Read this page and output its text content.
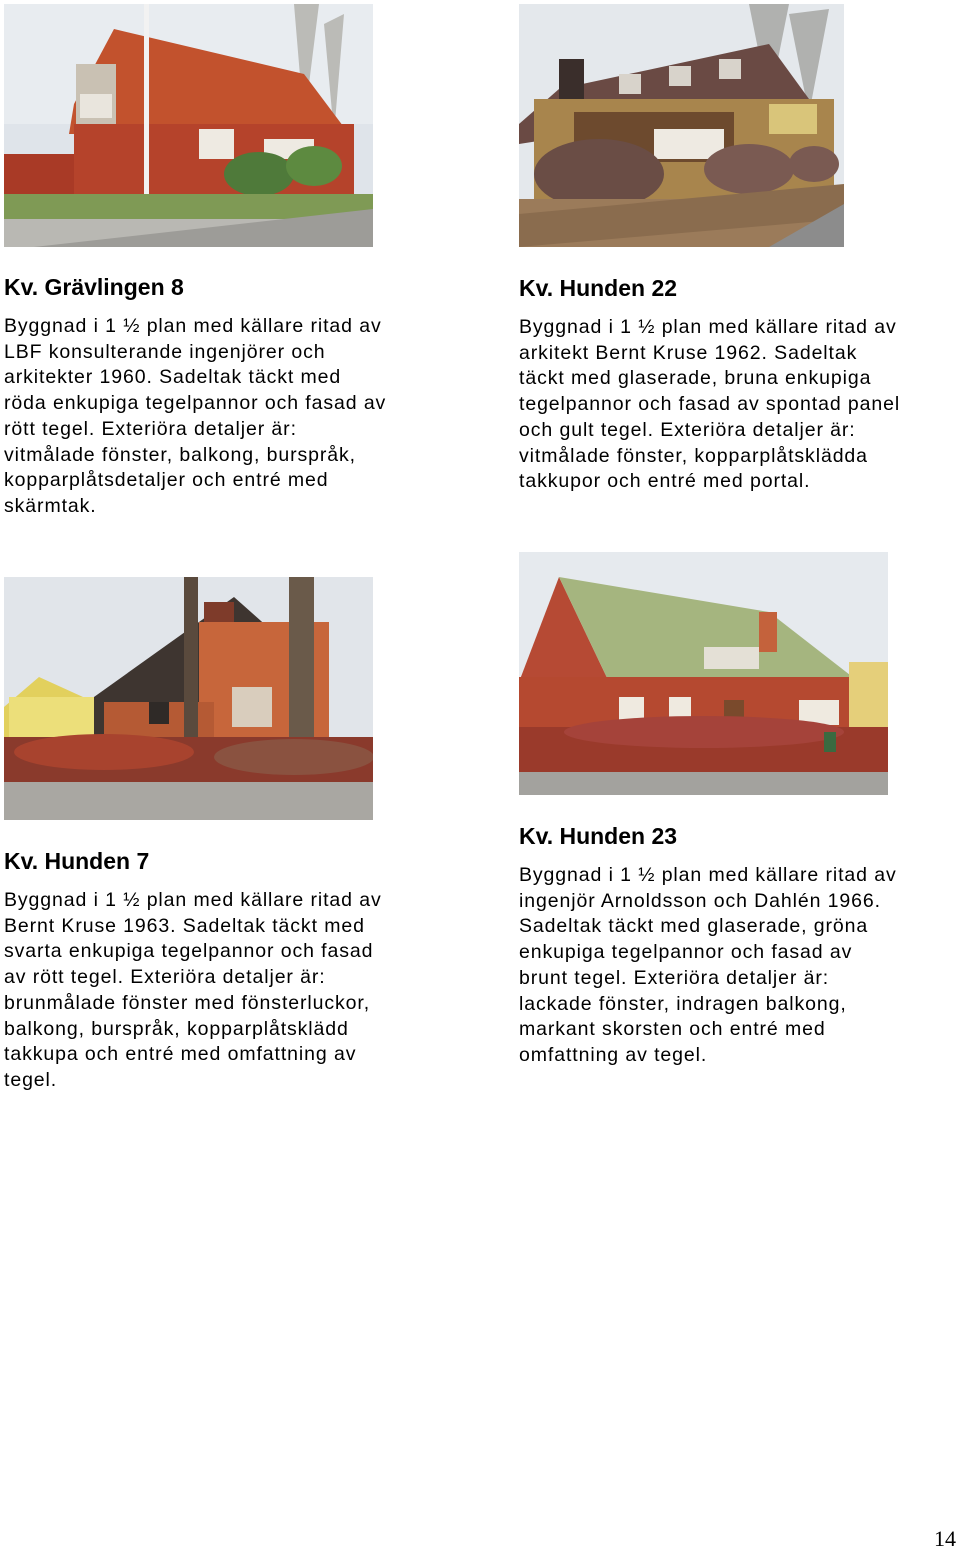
Kv. Grävlingen 8

Byggnad i 1 ½ plan med källare ritad av
LBF konsulterande ingenjörer och
arkitekter 1960. Sadeltak täckt med
röda enkupiga tegelpannor och fasad av
rött tegel. Exteriöra detaljer är:
vitmålade fönster, balkong, burspråk,
kopparplåtsdetaljer och entré med
skärmtak.

Kv. Hunden 22

Byggnad i 1 ½ plan med källare ritad av
arkitekt Bernt Kruse 1962. Sadeltak
täckt med glaserade, bruna enkupiga
tegelpannor och fasad av spontad panel
och gult tegel. Exteriöra detaljer är:
vitmålade fönster, kopparplåtsklädda
takkupor och entré med portal.

Kv. Hunden 7

Byggnad i 1 ½ plan med källare ritad av
Bernt Kruse 1963. Sadeltak täckt med
svarta enkupiga tegelpannor och fasad
av rött tegel. Exteriöra detaljer är:
brunmålade fönster med fönsterluckor,
balkong, burspråk, kopparplåtsklädd
takkupa och entré med omfattning av
tegel.

Kv. Hunden 23

Byggnad i 1 ½ plan med källare ritad av
ingenjör Arnoldsson och Dahlén 1966.
Sadeltak täckt med glaserade, gröna
enkupiga tegelpannor och fasad av
brunt tegel. Exteriöra detaljer är:
lackade fönster, indragen balkong,
markant skorsten och entré med
omfattning av tegel.

14
